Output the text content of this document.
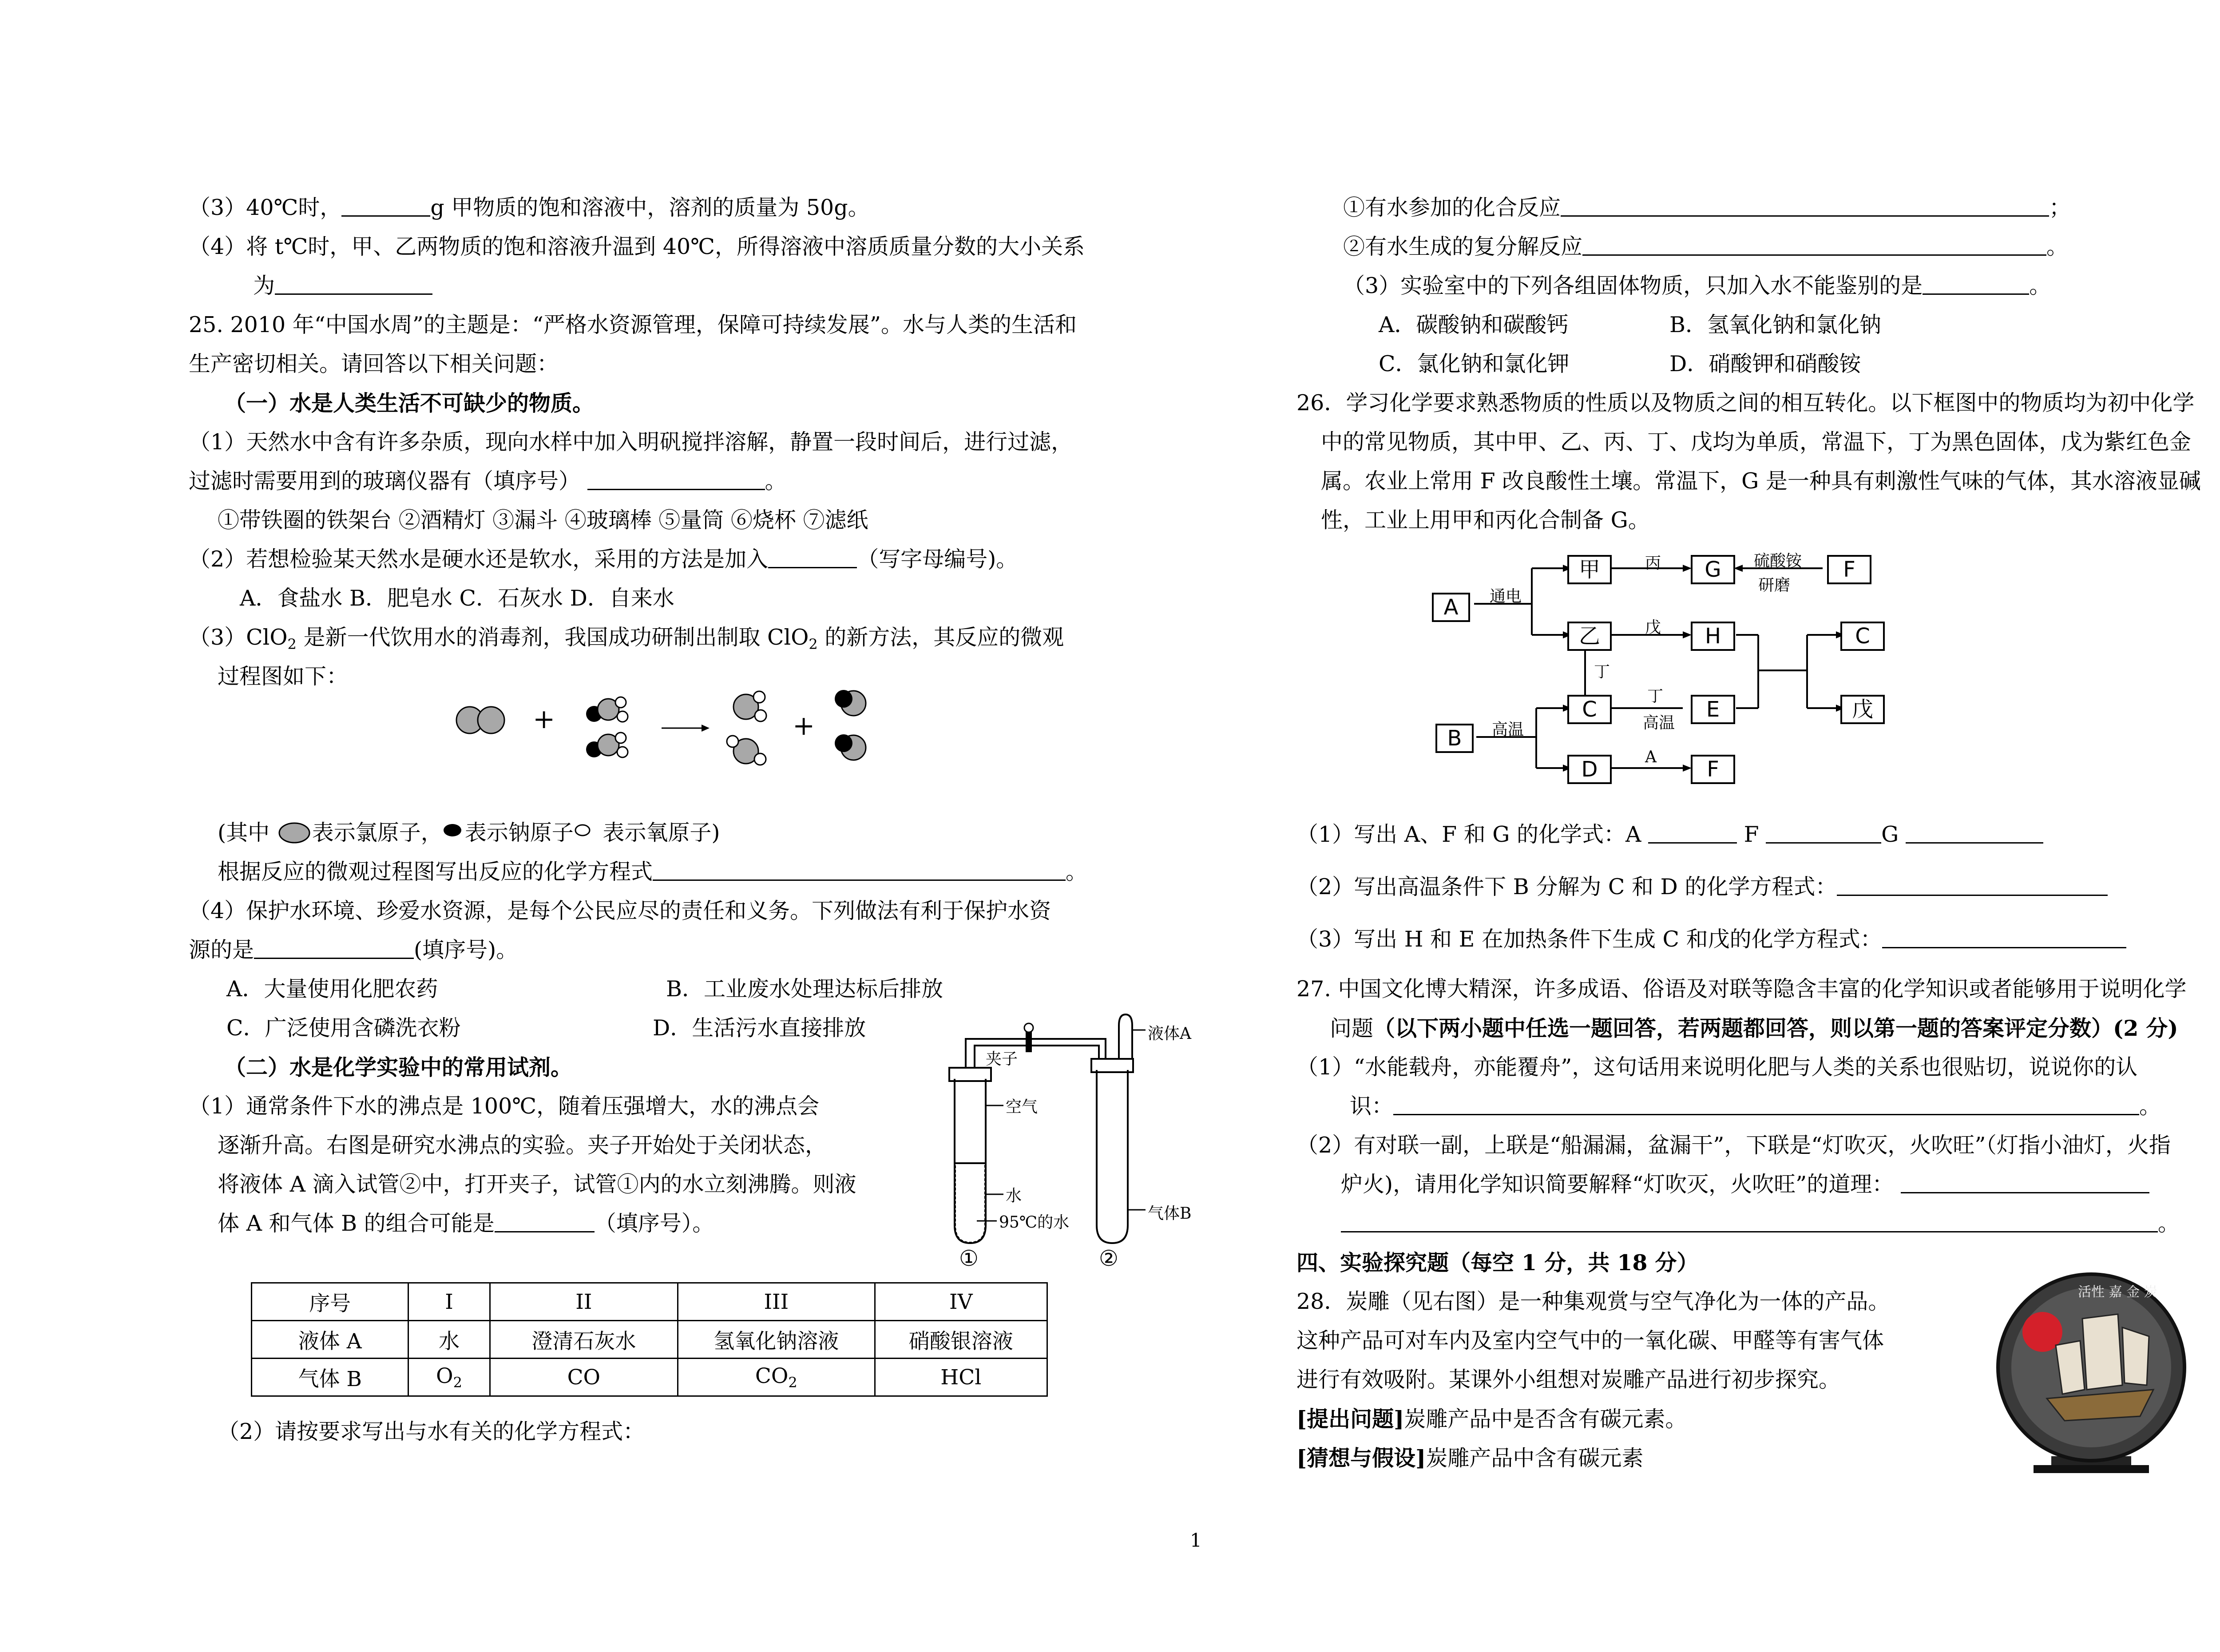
（3）40℃时，	g 甲物质的饱和溶液中，溶剂的质量为 50g。
（4）将 t℃时，甲、乙两物质的饱和溶液升温到 40℃，所得溶液中溶质质量分数的大小关系
为
25. 2010 年“中国水周”的主题是：“严格水资源管理，保障可持续发展”。水与人类的生活和
生产密切相关。请回答以下相关问题：
（一）水是人类生活不可缺少的物质。
（1）天然水中含有许多杂质，现向水样中加入明矾搅拌溶解，静置一段时间后，进行过滤，
过滤时需要用到的玻璃仪器有（填序号）	。
①带铁圈的铁架台 ②酒精灯 ③漏斗 ④玻璃棒 ⑤量筒 ⑥烧杯 ⑦滤纸
（2）若想检验某天然水是硬水还是软水，采用的方法是加入	（写字母编号)。
A．食盐水 B．肥皂水 C．石灰水 D．自来水
（3）ClO$_2$ 是新一代饮用水的消毒剂，我国成功研制出制取 ClO$_2$ 的新方法，其反应的微观
过程图如下：
+	+
(其中 表示氯原子， 表示钠原子 表示氧原子)
根据反应的微观过程图写出反应的化学方程式	。
（4）保护水环境、珍爱水资源，是每个公民应尽的责任和义务。下列做法有利于保护水资
源的是	(填序号)。
A．大量使用化肥农药	B．工业废水处理达标后排放
C．广泛使用含磷洗衣粉	D．生活污水直接排放
（二）水是化学实验中的常用试剂。
（1）通常条件下水的沸点是 100℃，随着压强增大，水的沸点会
逐渐升高。右图是研究水沸点的实验。夹子开始处于关闭状态，
将液体 A 滴入试管②中，打开夹子，试管①内的水立刻沸腾。则液
体 A 和气体 B 的组合可能是	（填序号）。
夹子
液体A
空气
水
95℃的水	气体B
①	②
序号	I	II	III	IV
液体 A	水	澄清石灰水	氢氧化钠溶液	硝酸银溶液
气体 B	$O_2$	CO	$CO_2$	HCl
（2）请按要求写出与水有关的化学方程式：
①有水参加的化合反应	；
②有水生成的复分解反应	。
（3）实验室中的下列各组固体物质，只加入水不能鉴别的是	。
A．碳酸钠和碳酸钙	B．氢氧化钠和氯化钠
C．氯化钠和氯化钾	D．硝酸钾和硝酸铵
26．学习化学要求熟悉物质的性质以及物质之间的相互转化。以下框图中的物质均为初中化学
中的常见物质，其中甲、乙、丙、丁、戊均为单质，常温下，丁为黑色固体，戊为紫红色金
属。农业上常用 F 改良酸性土壤。常温下，G 是一种具有刺激性气味的气体，其水溶液显碱
性，工业上用甲和丙化合制备 G。
A
甲	G	F
乙	H	C
C	E	戊
B
D	F
通电
丙	硫酸铵
研磨
戊
丁
丁
高温
高温
A
（1）写出 A、F 和 G 的化学式：A	F	G
（2）写出高温条件下 B 分解为 C 和 D 的化学方程式：
（3）写出 H 和 E 在加热条件下生成 C 和戊的化学方程式：
27. 中国文化博大精深，许多成语、俗语及对联等隐含丰富的化学知识或者能够用于说明化学
问题（以下两小题中任选一题回答，若两题都回答，则以第一题的答案评定分数）(2 分)
（1）“水能载舟，亦能覆舟”，这句话用来说明化肥与人类的关系也很贴切，说说你的认
识：	。
（2）有对联一副，上联是“船漏漏，盆漏干”，下联是“灯吹灭，火吹旺”（灯指小油灯，火指
炉火)，请用化学知识简要解释“灯吹灭，火吹旺”的道理：
。
四、实验探究题（每空 1 分，共 18 分）
28．炭雕（见右图）是一种集观赏与空气净化为一体的产品。
这种产品可对车内及室内空气中的一氧化碳、甲醛等有害气体
进行有效吸附。某课外小组想对炭雕产品进行初步探究。
[提出问题]炭雕产品中是否含有碳元素。
[猜想与假设]炭雕产品中含有碳元素
活性 嘉 金 炭
1
